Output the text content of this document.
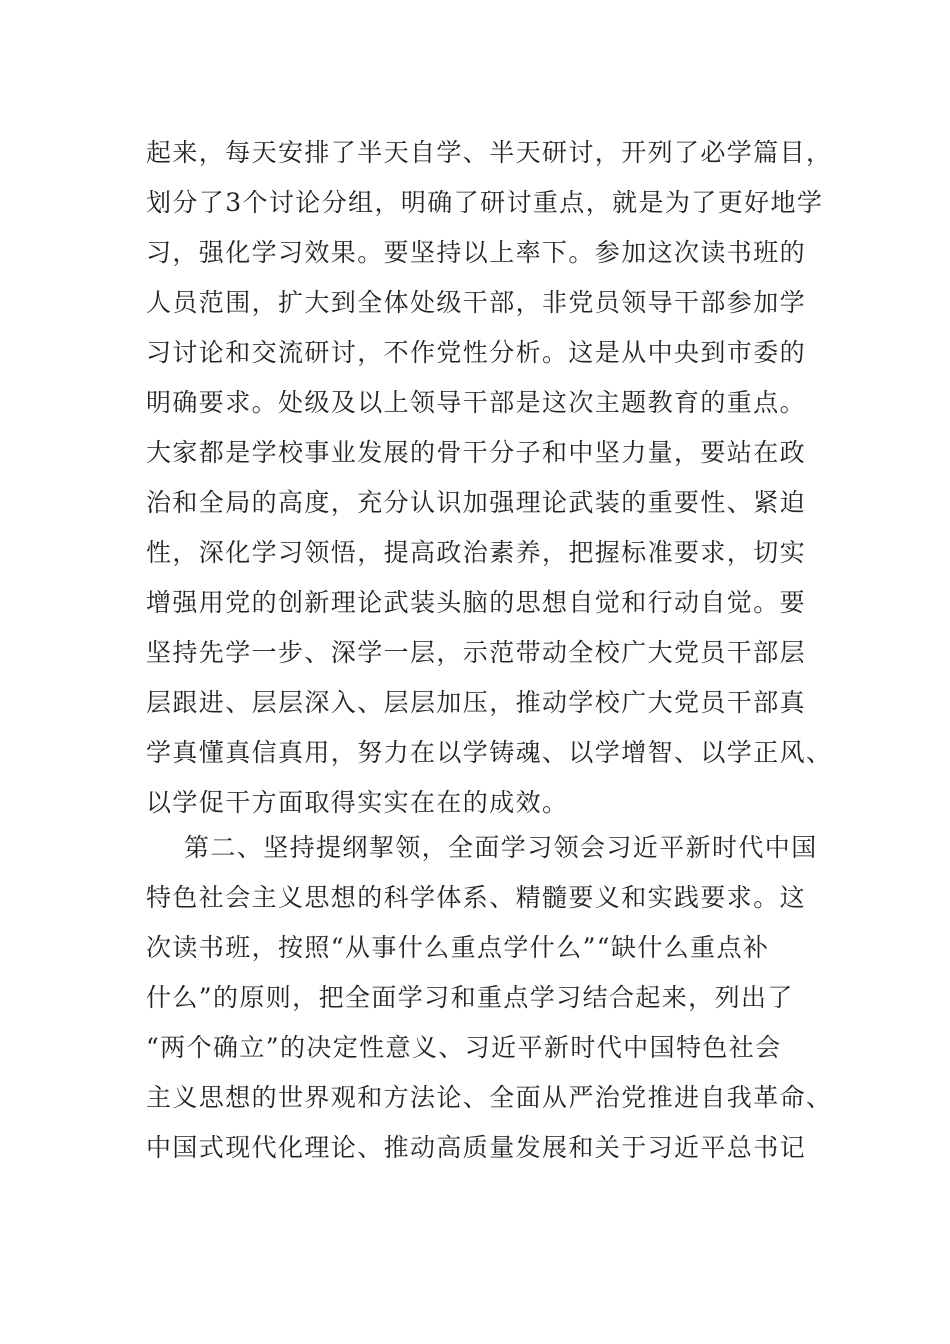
起来，每天安排了半天自学、半天研讨，开列了必学篇目，
划分了3个讨论分组，明确了研讨重点，就是为了更好地学
习，强化学习效果。要坚持以上率下。参加这次读书班的
人员范围，扩大到全体处级干部，非党员领导干部参加学
习讨论和交流研讨，不作党性分析。这是从中央到市委的
明确要求。处级及以上领导干部是这次主题教育的重点。
大家都是学校事业发展的骨干分子和中坚力量，要站在政
治和全局的高度，充分认识加强理论武装的重要性、紧迫
性，深化学习领悟，提高政治素养，把握标准要求，切实
增强用党的创新理论武装头脑的思想自觉和行动自觉。要
坚持先学一步、深学一层，示范带动全校广大党员干部层
层跟进、层层深入、层层加压，推动学校广大党员干部真
学真懂真信真用，努力在以学铸魂、以学增智、以学正风、
以学促干方面取得实实在在的成效。
第二、坚持提纲挈领，全面学习领会习近平新时代中国
特色社会主义思想的科学体系、精髓要义和实践要求。这
次读书班，按照“从事什么重点学什么”“缺什么重点补
什么”的原则，把全面学习和重点学习结合起来，列出了
“两个确立”的决定性意义、习近平新时代中国特色社会
主义思想的世界观和方法论、全面从严治党推进自我革命、
中国式现代化理论、推动高质量发展和关于习近平总书记
